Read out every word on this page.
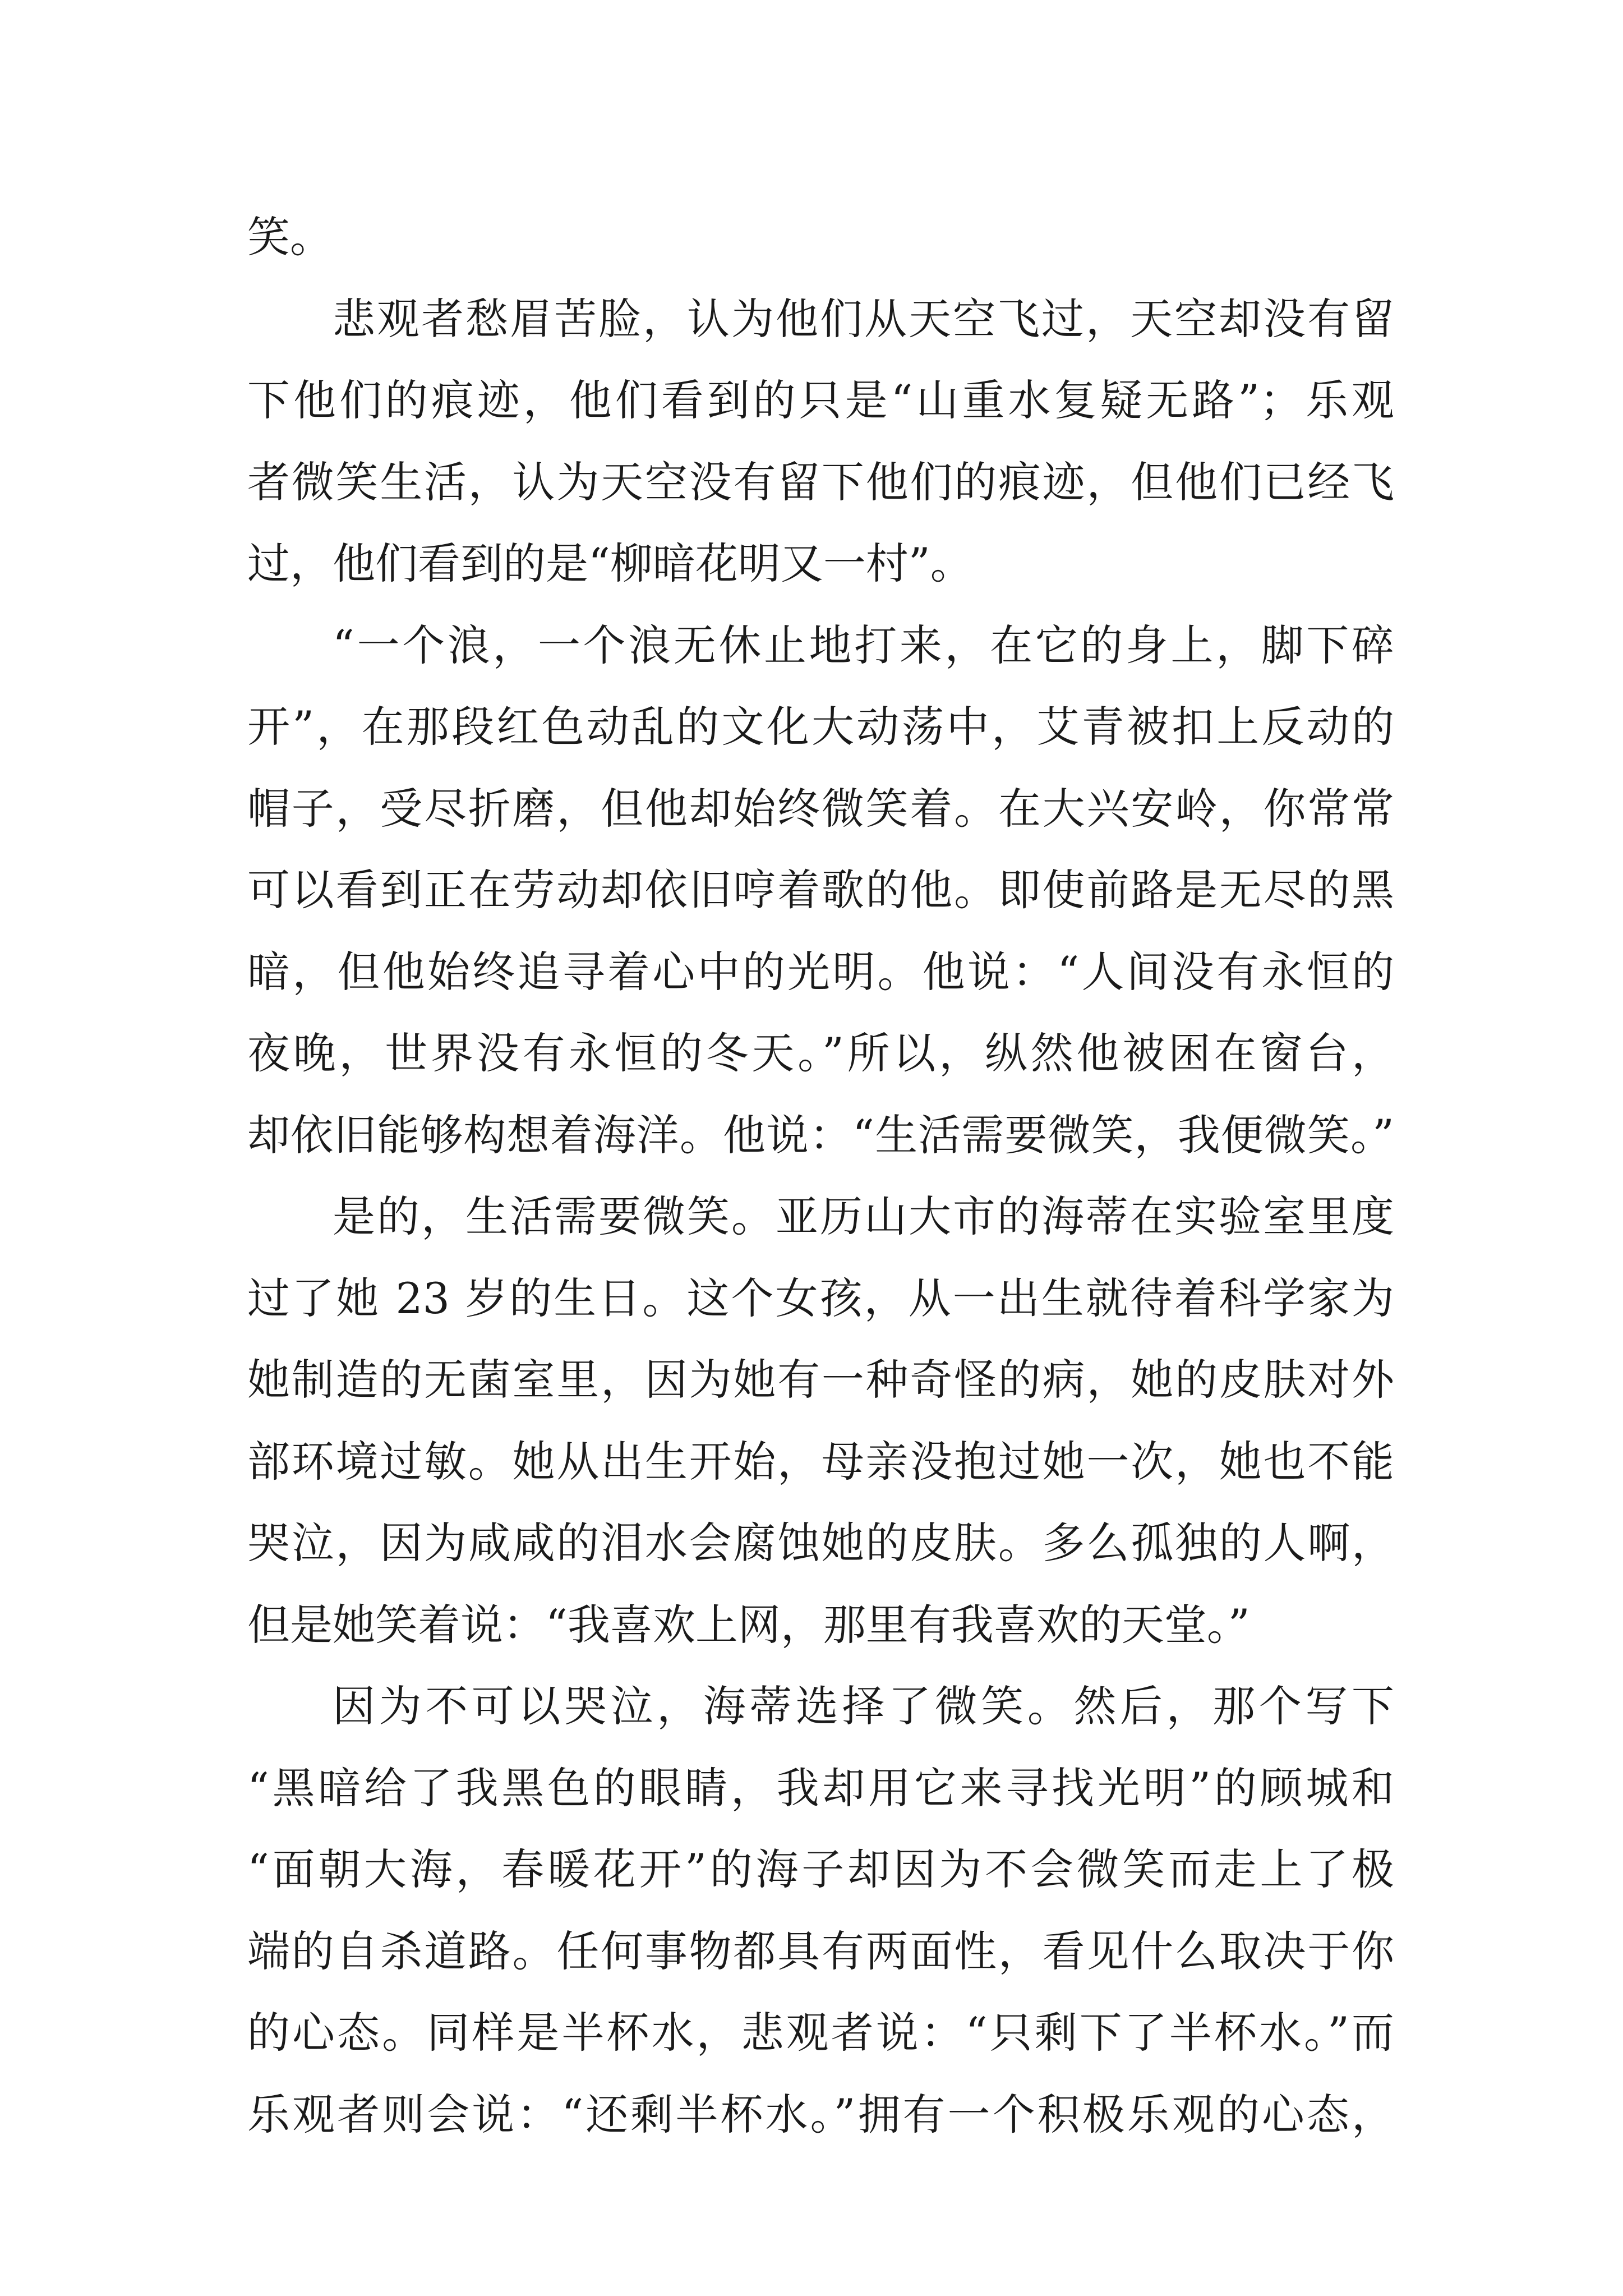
笑。
悲观者愁眉苦脸，认为他们从天空飞过，天空却没有留
下他们的痕迹，他们看到的只是“山重水复疑无路”；乐观
者微笑生活，认为天空没有留下他们的痕迹，但他们已经飞
过，他们看到的是“柳暗花明又一村”。
“一个浪，一个浪无休止地打来，在它的身上，脚下碎
开”，在那段红色动乱的文化大动荡中，艾青被扣上反动的
帽子，受尽折磨，但他却始终微笑着。在大兴安岭，你常常
可以看到正在劳动却依旧哼着歌的他。即使前路是无尽的黑
暗，但他始终追寻着心中的光明。他说：“人间没有永恒的
夜晚，世界没有永恒的冬天。”所以，纵然他被困在窗台，
却依旧能够构想着海洋。他说：“生活需要微笑，我便微笑。”
是的，生活需要微笑。亚历山大市的海蒂在实验室里度
过了她 23 岁的生日。这个女孩，从一出生就待着科学家为
她制造的无菌室里，因为她有一种奇怪的病，她的皮肤对外
部环境过敏。她从出生开始，母亲没抱过她一次，她也不能
哭泣，因为咸咸的泪水会腐蚀她的皮肤。多么孤独的人啊，
但是她笑着说：“我喜欢上网，那里有我喜欢的天堂。”
因为不可以哭泣，海蒂选择了微笑。然后，那个写下
“黑暗给了我黑色的眼睛，我却用它来寻找光明”的顾城和
“面朝大海，春暖花开”的海子却因为不会微笑而走上了极
端的自杀道路。任何事物都具有两面性，看见什么取决于你
的心态。同样是半杯水，悲观者说：“只剩下了半杯水。”而
乐观者则会说：“还剩半杯水。”拥有一个积极乐观的心态，
